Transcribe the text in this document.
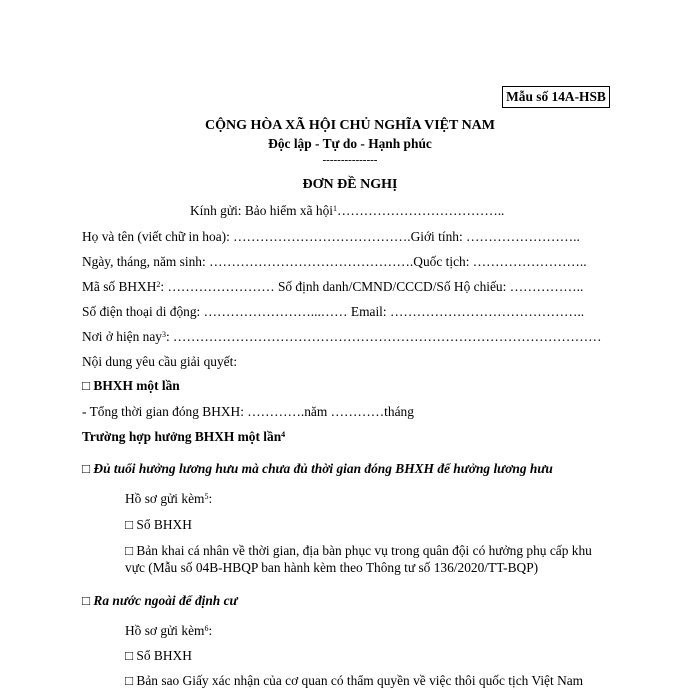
Mẫu số 14A-HSB
CỘNG HÒA XÃ HỘI CHỦ NGHĨA VIỆT NAM
Độc lập - Tự do - Hạnh phúc
---------------
ĐƠN ĐỀ NGHỊ
Kính gửi: Bảo hiểm xã hội$^1$………………………………..
Họ và tên (viết chữ in hoa): ………………………………….Giới tính: ……………………..
Ngày, tháng, năm sinh: ……………………………………….Quốc tịch: ……………………..
Mã số BHXH$^2$: …………………… Số định danh/CMND/CCCD/Số Hộ chiếu: ……………..
Số điện thoại di động: ……………………...…… Email: ……………………………………..
Nơi ở hiện nay$^3$: ……………………………………………………………………………………
Nội dung yêu cầu giải quyết:
□ BHXH một lần
- Tổng thời gian đóng BHXH: ………….năm …………tháng
Trường hợp hưởng BHXH một lần$^4$
□ Đủ tuổi hưởng lương hưu mà chưa đủ thời gian đóng BHXH để hưởng lương hưu
Hồ sơ gửi kèm$^5$:
□ Sổ BHXH
□ Bản khai cá nhân về thời gian, địa bàn phục vụ trong quân đội có hưởng phụ cấp khu
vực (Mẫu số 04B-HBQP ban hành kèm theo Thông tư số 136/2020/TT-BQP)
□ Ra nước ngoài để định cư
Hồ sơ gửi kèm$^6$:
□ Sổ BHXH
□ Bản sao Giấy xác nhận của cơ quan có thẩm quyền về việc thôi quốc tịch Việt Nam
